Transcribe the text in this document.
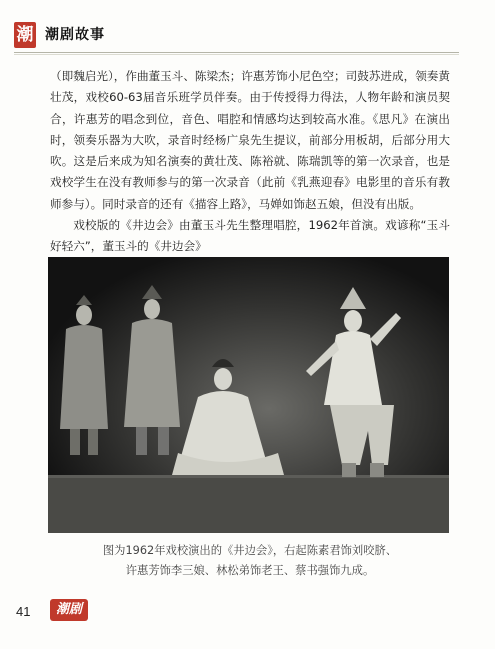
潮 潮剧故事

（即魏启光），作曲董玉斗、陈梁杰；许惠芳饰小尼色空；司鼓苏进成，领奏黄壮茂，戏校60-63届音乐班学员伴奏。由于传授得力得法，人物年龄和演员契合，许惠芳的唱念到位，音色、唱腔和情感均达到较高水准。《思凡》在演出时，领奏乐器为大吹，录音时经杨广泉先生提议，前部分用板胡，后部分用大吹。这是后来成为知名演奏的黄壮茂、陈裕就、陈瑞凯等的第一次录音，也是戏校学生在没有教师参与的第一次录音（此前《乳燕迎春》电影里的音乐有教师参与）。同时录音的还有《描容上路》，马婵如饰赵五娘，但没有出版。

戏校版的《井边会》由董玉斗先生整理唱腔，1962年首演。戏谚称“玉斗好轻六”，董玉斗的《井边会》

图为1962年戏校演出的《井边会》，右起陈素君饰刘咬脐、

许惠芳饰李三娘、林松弟饰老王、蔡书强饰九成。

41	潮剧
